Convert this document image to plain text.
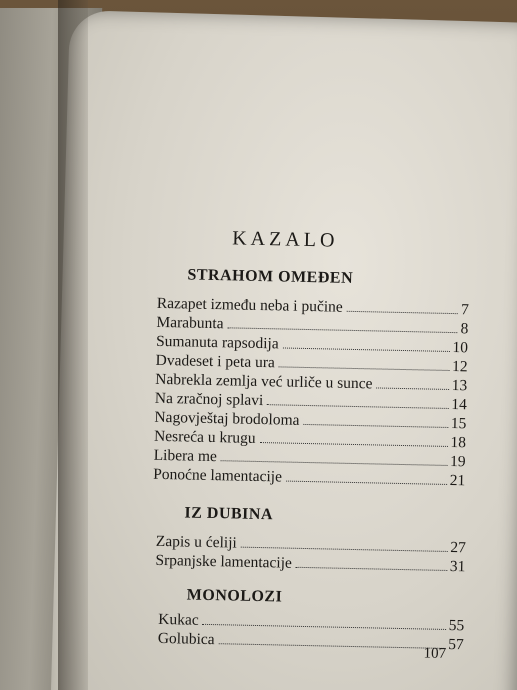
KAZALO
STRAHOM OMEĐEN
Razapet između neba i pučine	7
Marabunta	8
Sumanuta rapsodija	10
Dvadeset i peta ura	12
Nabrekla zemlja već urliče u sunce	13
Na zračnoj splavi	14
Nagovještaj brodoloma	15
Nesreća u krugu	18
Libera me	19
Ponoćne lamentacije	21
IZ DUBINA
Zapis u ćeliji	27
Srpanjske lamentacije	31
MONOLOZI
Kukac	55
Golubica	57
107
